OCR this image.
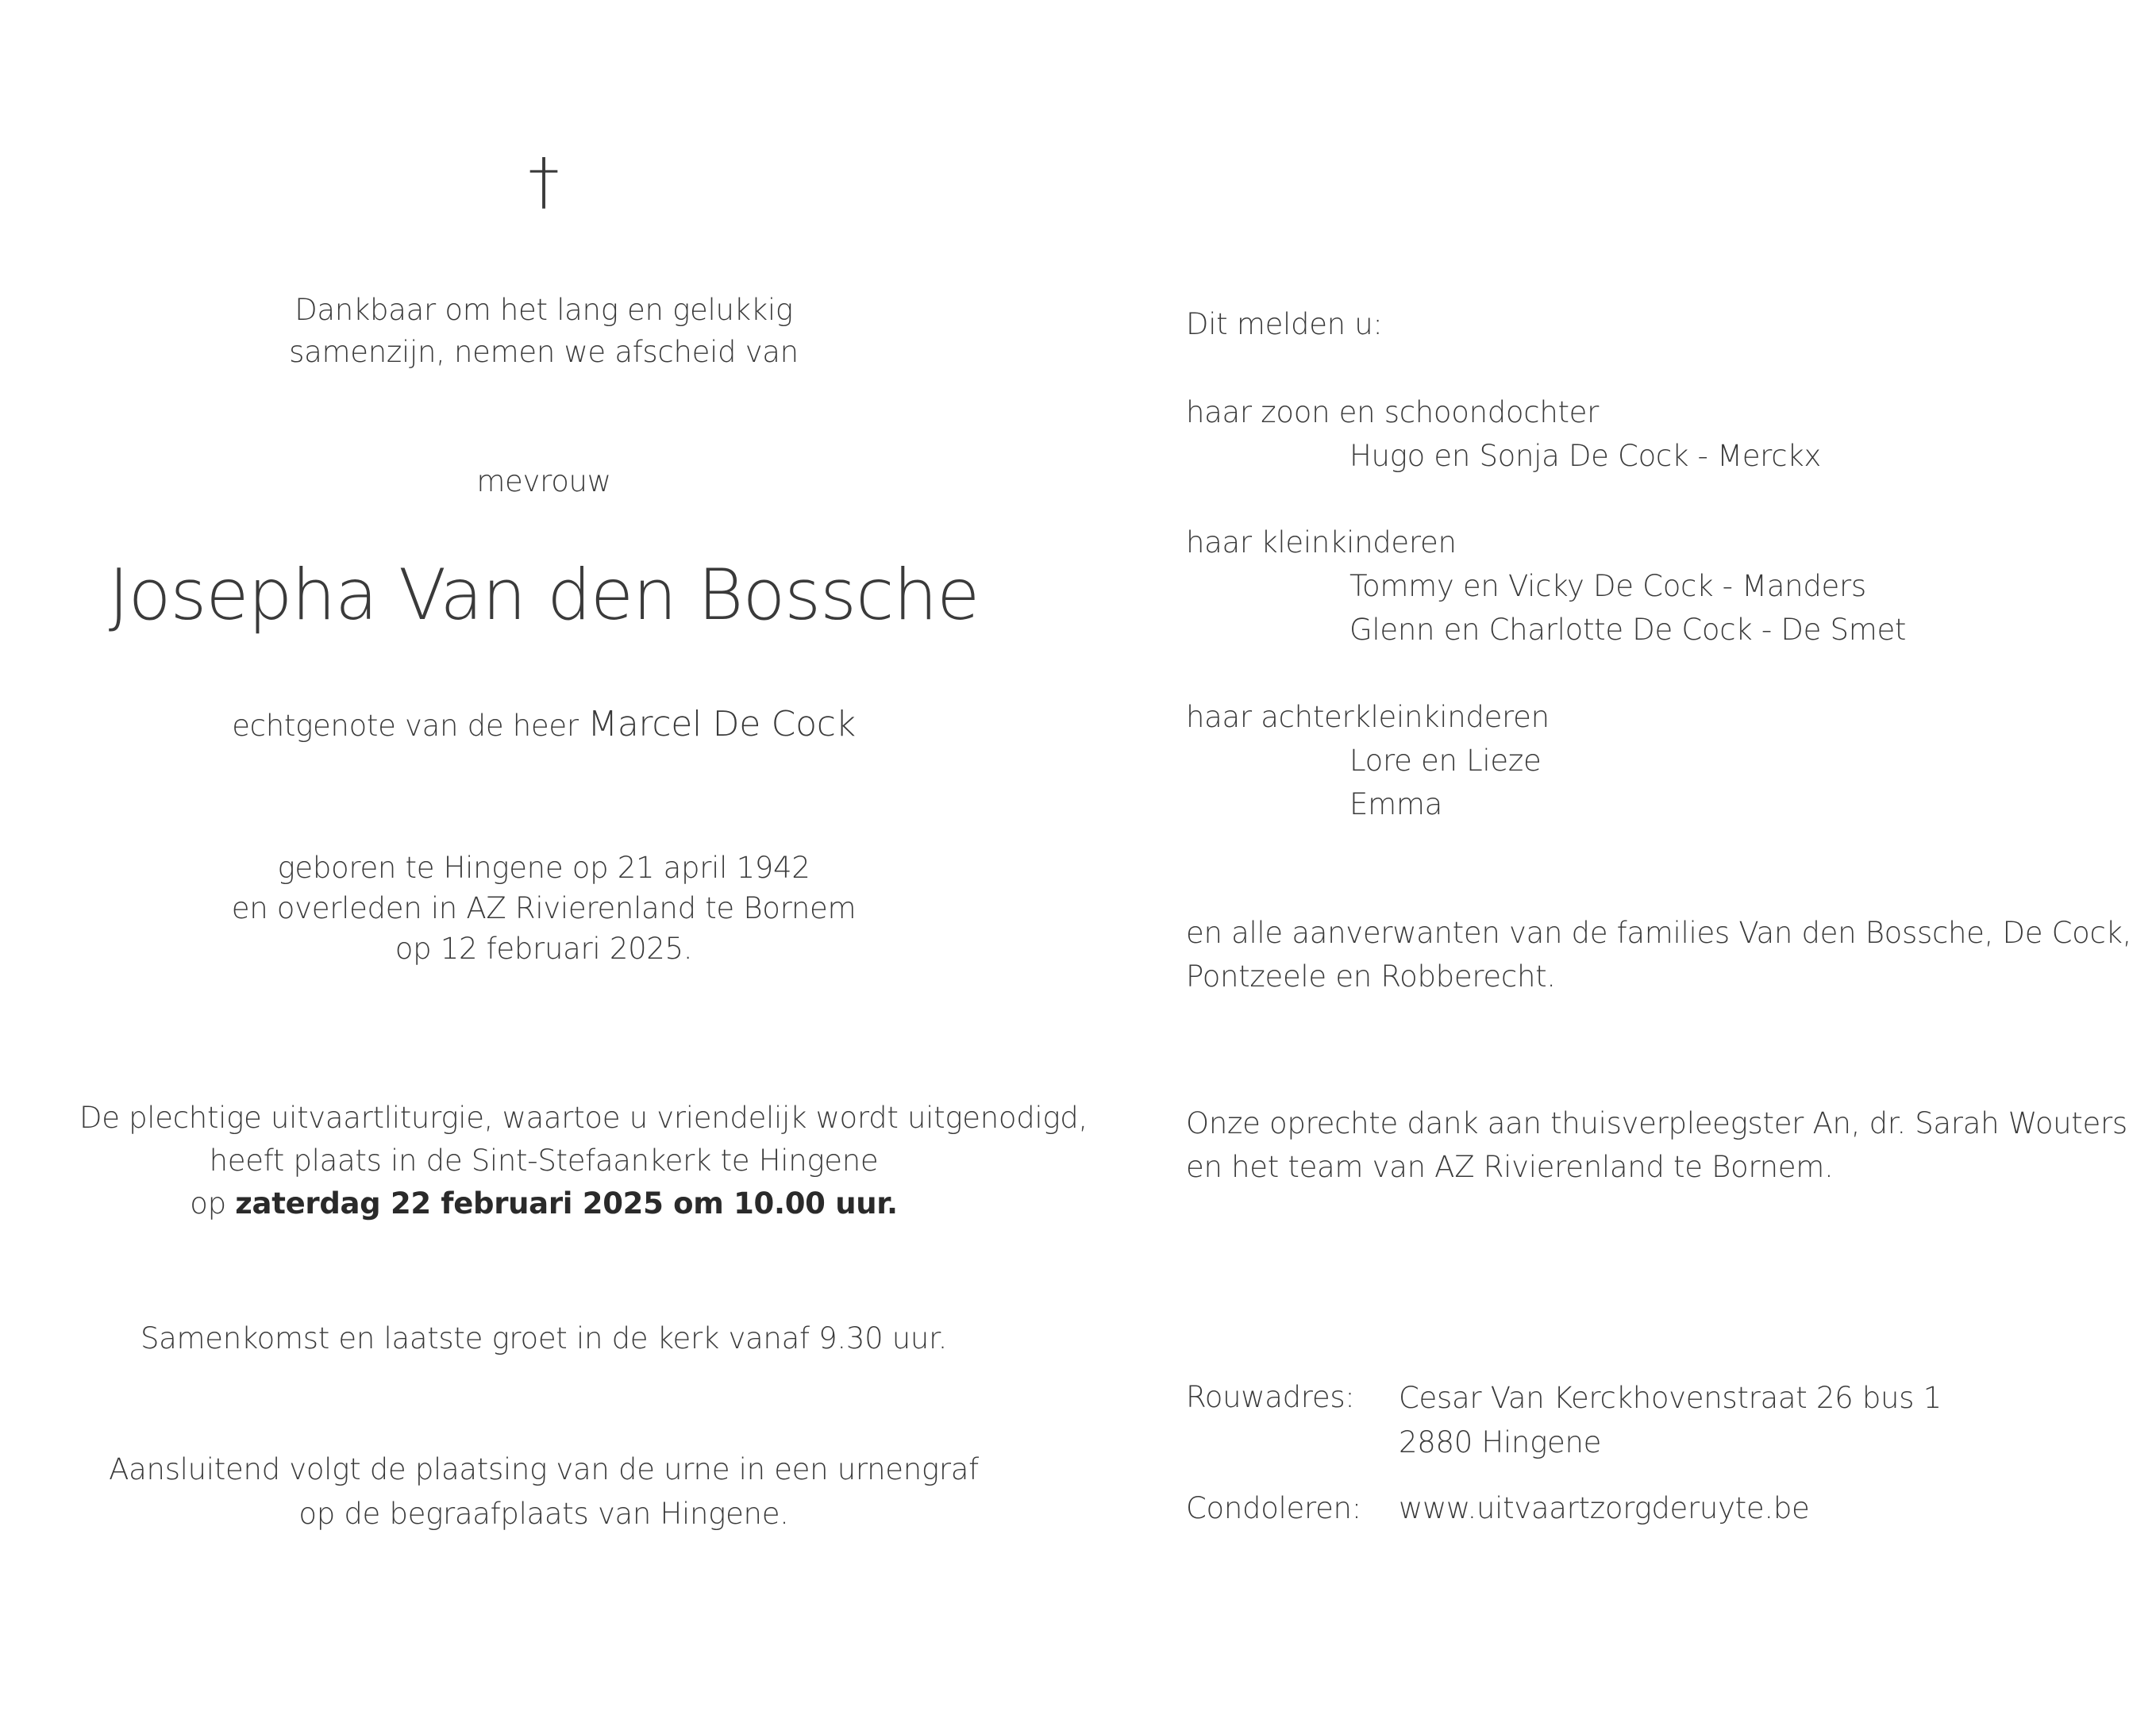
†
Dankbaar om het lang en gelukkig
samenzijn, nemen we afscheid van
mevrouw
Josepha Van den Bossche
echtgenote van de heer Marcel De Cock
geboren te Hingene op 21 april 1942
en overleden in AZ Rivierenland te Bornem
op 12 februari 2025.
De plechtige uitvaartliturgie, waartoe u vriendelijk wordt uitgenodigd,
heeft plaats in de Sint-Stefaankerk te Hingene
op zaterdag 22 februari 2025 om 10.00 uur.
Samenkomst en laatste groet in de kerk vanaf 9.30 uur.
Aansluitend volgt de plaatsing van de urne in een urnengraf
op de begraafplaats van Hingene.
Dit melden u:
haar zoon en schoondochter
Hugo en Sonja De Cock - Merckx
haar kleinkinderen
Tommy en Vicky De Cock - Manders
Glenn en Charlotte De Cock - De Smet
haar achterkleinkinderen
Lore en Lieze
Emma
en alle aanverwanten van de families Van den Bossche, De Cock,
Pontzeele en Robberecht.
Onze oprechte dank aan thuisverpleegster An, dr. Sarah Wouters
en het team van AZ Rivierenland te Bornem.
Rouwadres: Cesar Van Kerckhovenstraat 26 bus 1
2880 Hingene
Condoleren: www.uitvaartzorgderuyte.be
